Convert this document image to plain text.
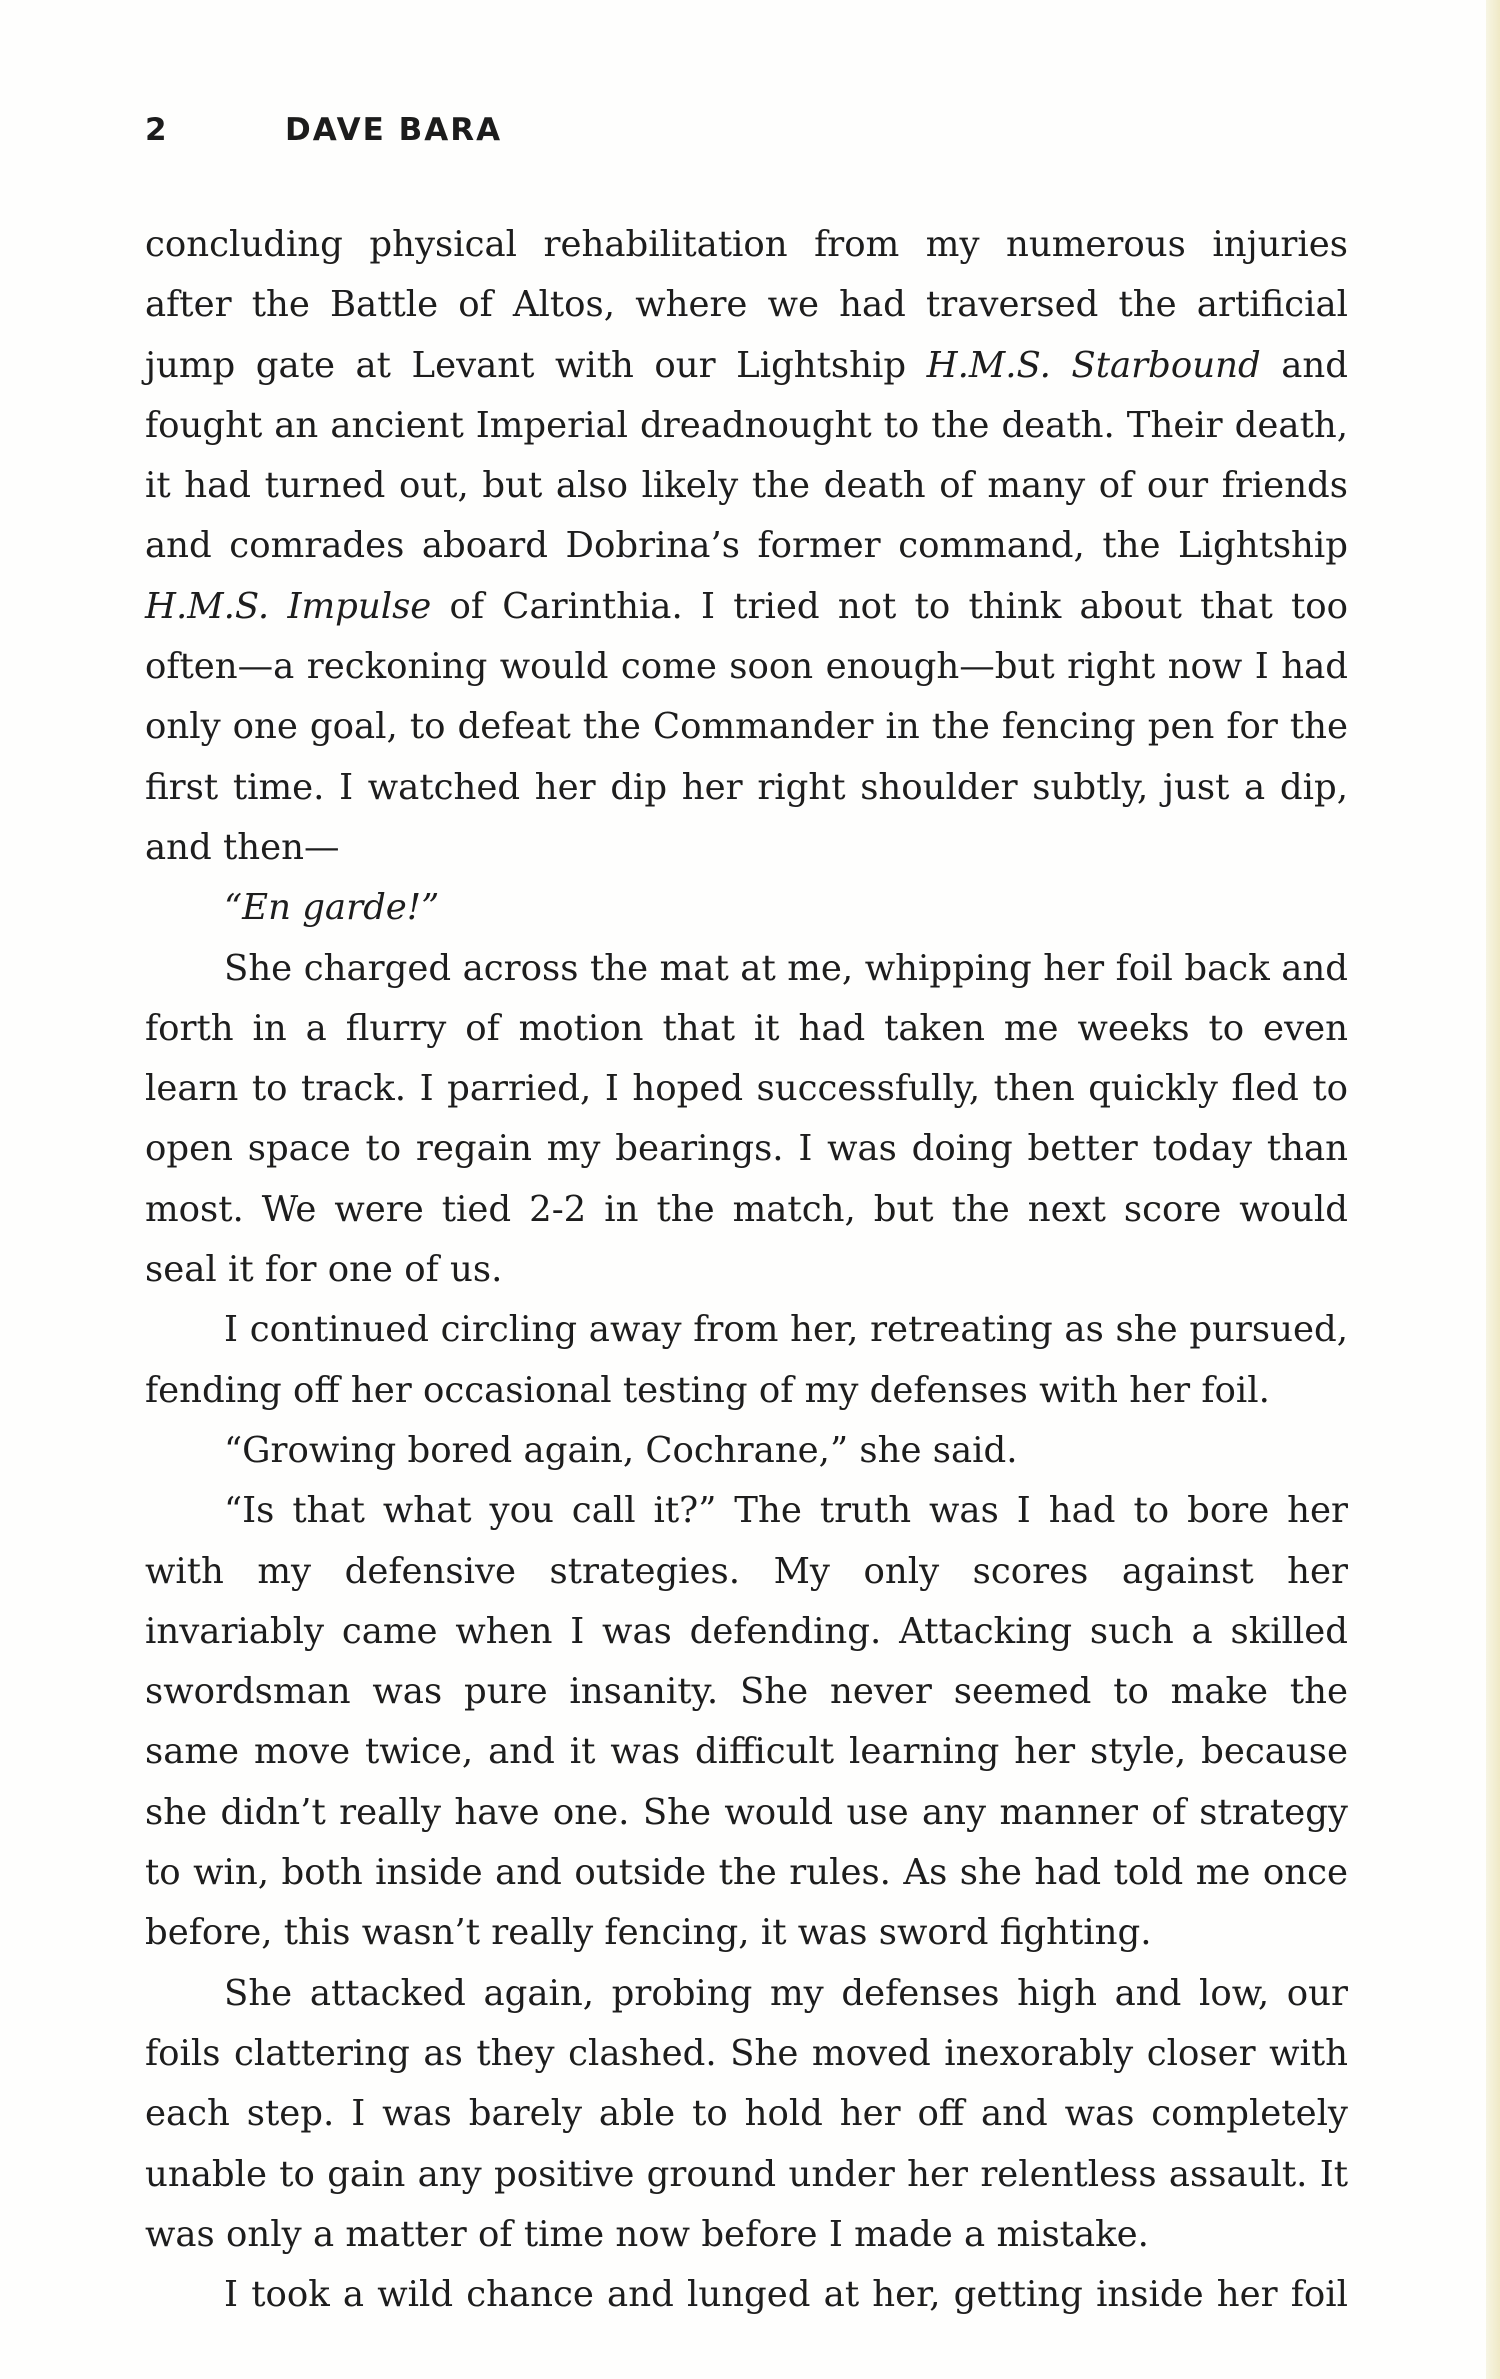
2	DAVE BARA

concluding physical rehabilitation from my numerous injuries after the Battle of Altos, where we had traversed the artificial jump gate at Levant with our Lightship H.M.S. Starbound and fought an ancient Imperial dreadnought to the death. Their death, it had turned out, but also likely the death of many of our friends and comrades aboard Dobrina’s former command, the Lightship H.M.S. Impulse of Carinthia. I tried not to think about that too often—a reckoning would come soon enough—but right now I had only one goal, to defeat the Commander in the fencing pen for the first time. I watched her dip her right shoulder subtly, just a dip, and then—

“En garde!”

She charged across the mat at me, whipping her foil back and forth in a flurry of motion that it had taken me weeks to even learn to track. I parried, I hoped successfully, then quickly fled to open space to regain my bearings. I was doing better today than most. We were tied 2-2 in the match, but the next score would seal it for one of us.

I continued circling away from her, retreating as she pursued, fending off her occasional testing of my defenses with her foil.

“Growing bored again, Cochrane,” she said.

“Is that what you call it?” The truth was I had to bore her with my defensive strategies. My only scores against her invariably came when I was defending. Attacking such a skilled swordsman was pure insanity. She never seemed to make the same move twice, and it was difficult learning her style, because she didn’t really have one. She would use any manner of strategy to win, both inside and outside the rules. As she had told me once before, this wasn’t really fencing, it was sword fighting.

She attacked again, probing my defenses high and low, our foils clattering as they clashed. She moved inexorably closer with each step. I was barely able to hold her off and was completely unable to gain any positive ground under her relentless assault. It was only a matter of time now before I made a mistake.

I took a wild chance and lunged at her, getting inside her foil
